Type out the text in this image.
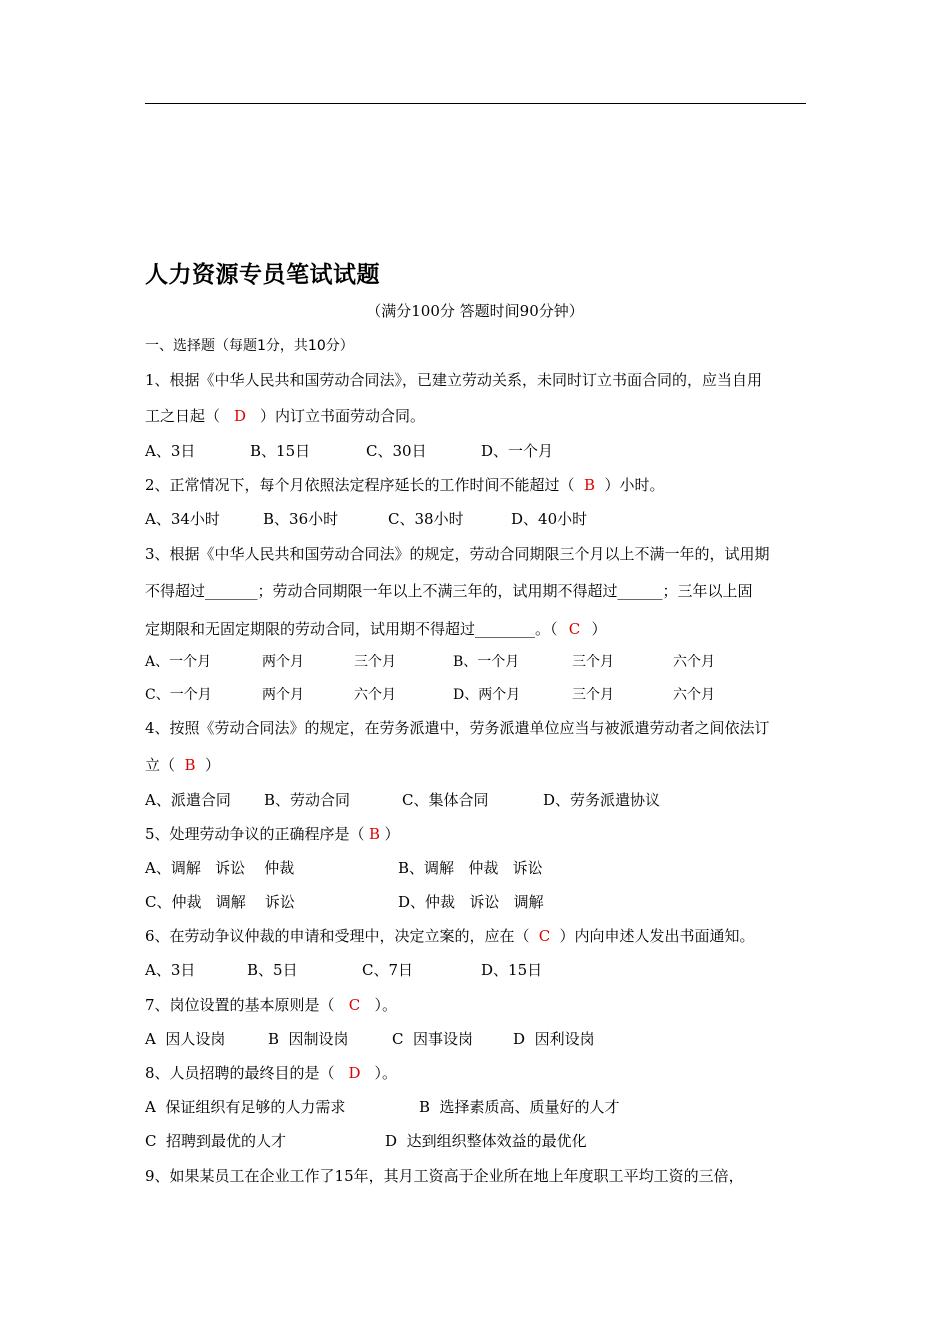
人力资源专员笔试试题
（满分100分 答题时间90分钟）
一、选择题（每题1分，共10分）
1、根据《中华人民共和国劳动合同法》，已建立劳动关系，未同时订立书面合同的，应当自用
工之日起（ D ）内订立书面劳动合同。
A、3日	B、15日	C、30日	D、一个月
2、正常情况下，每个月依照法定程序延长的工作时间不能超过（ B ）小时。
A、34小时	B、36小时	C、38小时	D、40小时
3、根据《中华人民共和国劳动合同法》的规定，劳动合同期限三个月以上不满一年的，试用期
不得超过_______；劳动合同期限一年以上不满三年的，试用期不得超过______；三年以上固
定期限和无固定期限的劳动合同，试用期不得超过________。（ C ）
A、一个月	两个月	三个月	B、一个月	三个月	六个月
C、一个月	两个月	六个月	D、两个月	三个月	六个月
4、按照《劳动合同法》的规定，在劳务派遣中，劳务派遣单位应当与被派遣劳动者之间依法订
立（ B ）
A、派遣合同 B、劳动合同	C、集体合同	D、劳务派遣协议
5、处理劳动争议的正确程序是（ B ）
A、调解   诉讼    仲裁	B、调解   仲裁   诉讼
C、仲裁   调解    诉讼	D、仲裁   诉讼   调解
6、在劳动争议仲裁的申请和受理中，决定立案的，应在（ C ）内向申述人发出书面通知。
A、3日	B、5日	C、7日	D、15日
7、岗位设置的基本原则是（ C ）。
A  因人设岗	B  因制设岗	C  因事设岗	D  因利设岗
8、人员招聘的最终目的是（ D ）。
A  保证组织有足够的人力需求	B  选择素质高、质量好的人才
C  招聘到最优的人才	D  达到组织整体效益的最优化
9、如果某员工在企业工作了15年，其月工资高于企业所在地上年度职工平均工资的三倍，
